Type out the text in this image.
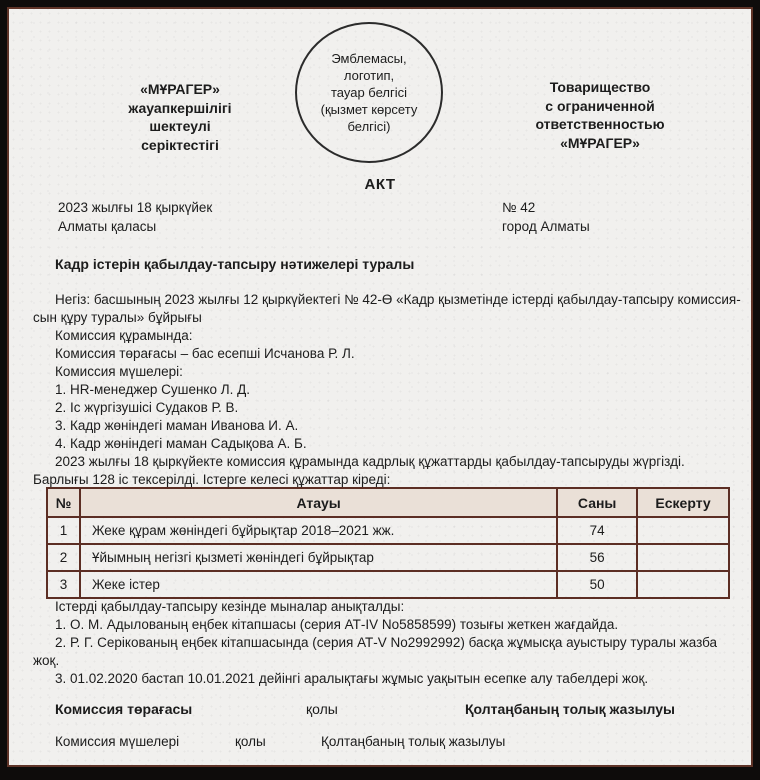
«МҰРАГЕР»
жауапкершілігі
шектеулі
серіктестігі
Эмблемасы,
логотип,
тауар белгісі
(қызмет көрсету
белгісі)
Товарищество
с ограниченной
ответственностью
«МҰРАГЕР»
АКТ
2023 жылғы 18 қыркүйек
Алматы қаласы
№ 42
город Алматы
Кадр істерін қабылдау-тапсыру нәтижелері туралы

Негіз: басшының 2023 жылғы 12 қыркүйектегі № 42-Ө «Кадр қызметінде істерді қабылдау-тапсыру комиссия-сын құру туралы» бұйрығы

Комиссия құрамында:

Комиссия төрағасы – бас есепші Исчанова Р. Л.

Комиссия мүшелері:

1. HR-менеджер Сушенко Л. Д.

2. Іс жүргізушісі Судаков Р. В.

3. Кадр жөніндегі маман Иванова И. А.

4. Кадр жөніндегі маман Садықова А. Б.

2023 жылғы 18 қыркүйекте комиссия құрамында кадрлық құжаттарды қабылдау-тапсыруды жүргізді. Барлығы 128 іс тексерілді. Істерге келесі құжаттар кіреді:

№	Атауы	Саны	Ескерту
1	Жеке құрам жөніндегі бұйрықтар 2018–2021 жж.	74	
2	Ұйымның негізгі қызметі жөніндегі бұйрықтар	56	
3	Жеке істер	50	

Істерді қабылдау-тапсыру кезінде мыналар анықталды:

1. О. М. Адылованың еңбек кітапшасы (серия АТ-IV No5858599) тозығы жеткен жағдайда.

2. Р. Г. Серікованың еңбек кітапшасында (серия АТ-V No2992992) басқа жұмысқа ауыстыру туралы жазба жоқ.

3. 01.02.2020 бастап 10.01.2021 дейінгі аралықтағы жұмыс уақытын есепке алу табелдері жоқ.

Комиссия төрағасы	қолы	Қолтаңбаның толық жазылуы
Комиссия мүшелері	қолы	Қолтаңбаның толық жазылуы
